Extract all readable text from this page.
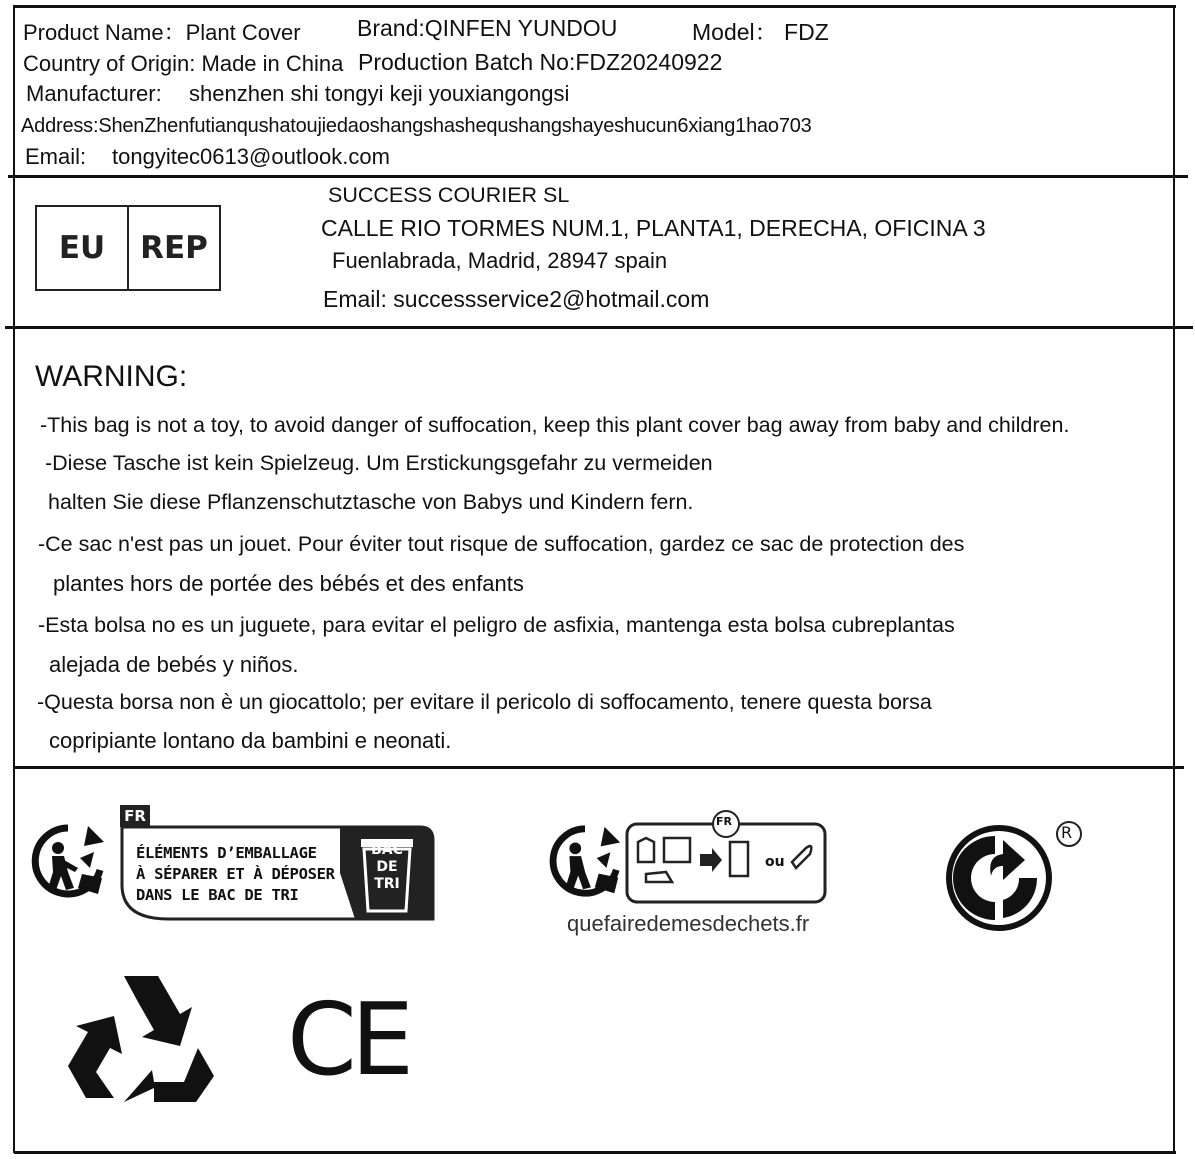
Product Name：Plant Cover Brand:QINFEN YUNDOU	Model： FDZ
Country of Origin: Made in China Production Batch No:FDZ20240922
Manufacturer: shenzhen shi tongyi keji youxiangongsi
Address:ShenZhenfutianqushatoujiedaoshangshashequshangshayeshucun6xiang1hao703
Email: tongyitec0613@outlook.com
EU	REP
SUCCESS COURIER SL
CALLE RIO TORMES NUM.1, PLANTA1, DERECHA, OFICINA 3
Fuenlabrada, Madrid, 28947 spain
Email: successservice2@hotmail.com
WARNING:
-This bag is not a toy, to avoid danger of suffocation, keep this plant cover bag away from baby and children.
-Diese Tasche ist kein Spielzeug. Um Erstickungsgefahr zu vermeiden
halten Sie diese Pflanzenschutztasche von Babys und Kindern fern.
-Ce sac n'est pas un jouet. Pour éviter tout risque de suffocation, gardez ce sac de protection des
plantes hors de portée des bébés et des enfants
-Esta bolsa no es un juguete, para evitar el peligro de asfixia, mantenga esta bolsa cubreplantas
alejada de bebés y niños.
-Questa borsa non è un giocattolo; per evitare il pericolo di soffocamento, tenere questa borsa
copripiante lontano da bambini e neonati.
FR
ÉLÉMENTS D’EMBALLAGE
À SÉPARER ET À DÉPOSER
DANS LE BAC DE TRI
BAC
DE
TRI
FR
ou
quefairedemesdechets.fr
R
CE
